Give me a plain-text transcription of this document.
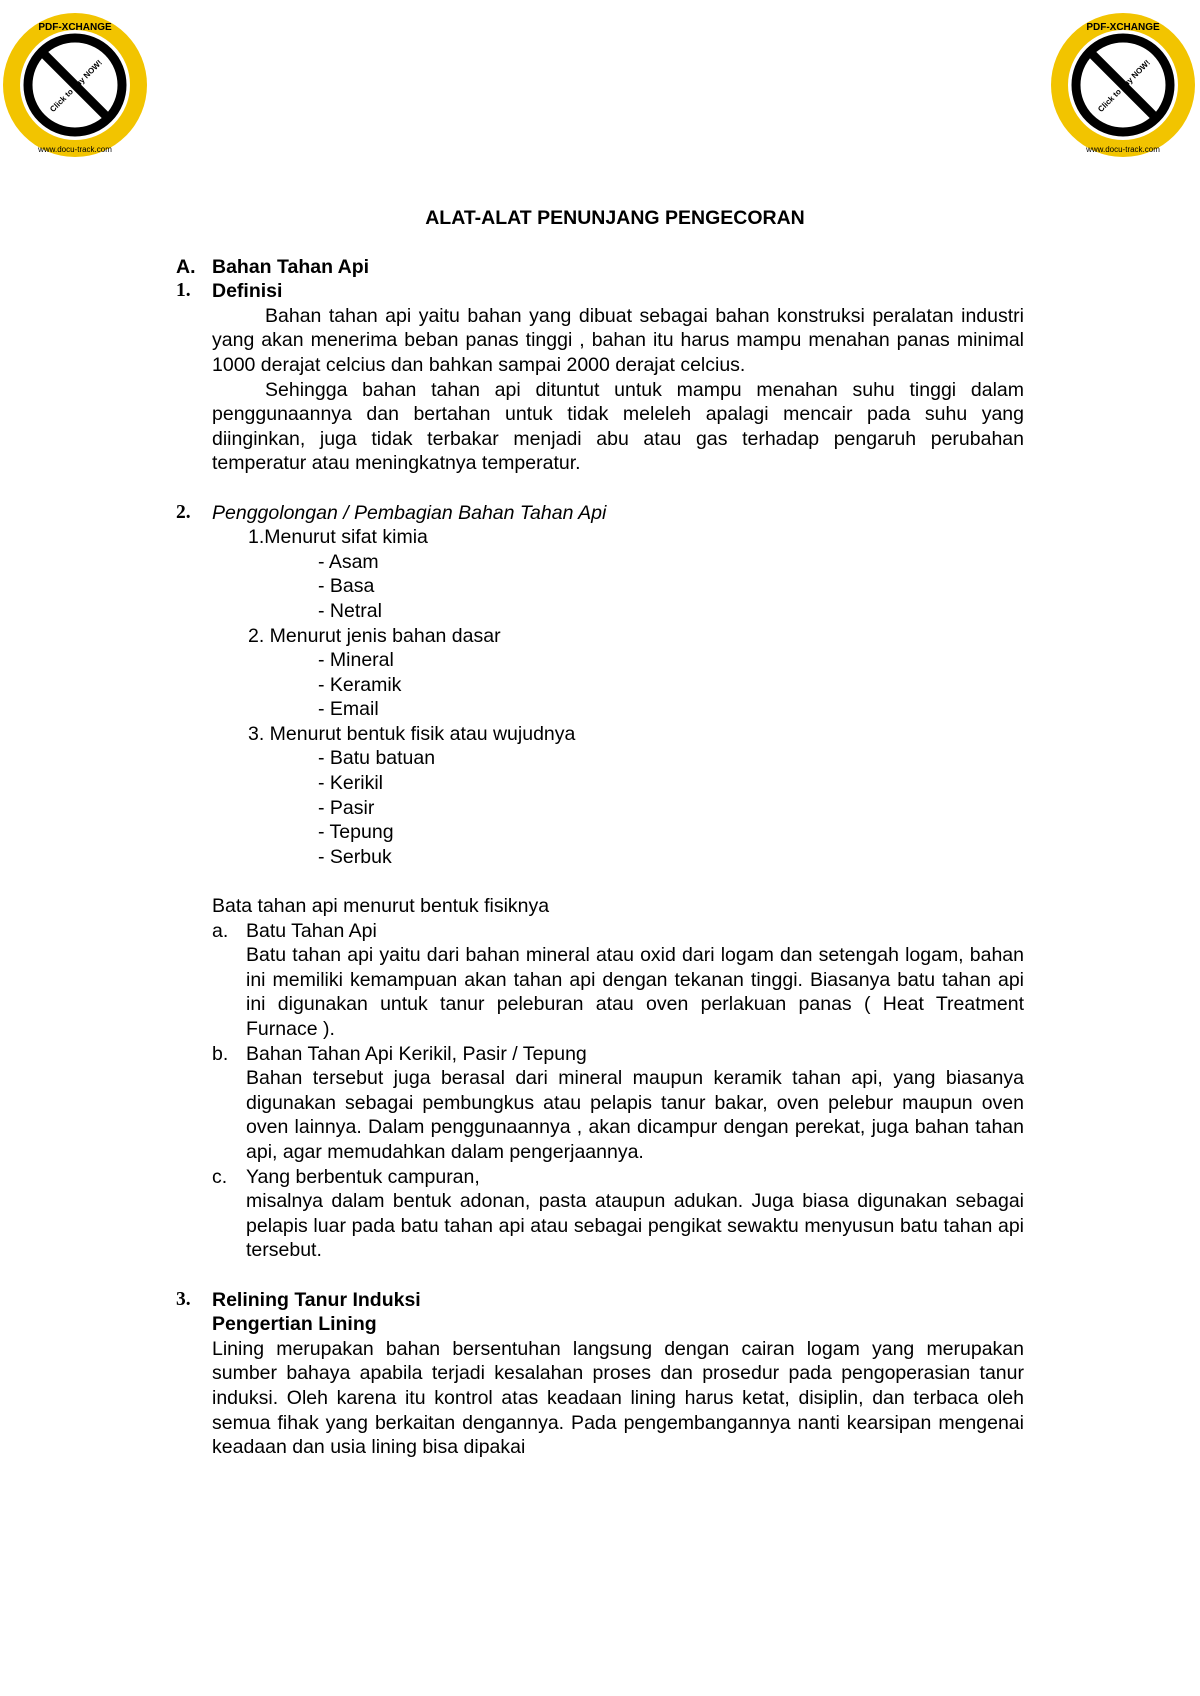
PDF-XCHANGE
www.docu-track.com
Click to buy NOW!
PDF-XCHANGE
www.docu-track.com
Click to buy NOW!
ALAT-ALAT PENUNJANG PENGECORAN
A. Bahan Tahan Api
1. Definisi
Bahan tahan api yaitu bahan yang dibuat sebagai bahan konstruksi peralatan industri yang akan menerima beban panas tinggi , bahan itu harus mampu menahan panas minimal 1000 derajat celcius dan bahkan sampai 2000 derajat celcius.
Sehingga bahan tahan api dituntut untuk mampu menahan suhu tinggi dalam penggunaannya dan bertahan untuk tidak meleleh apalagi mencair pada suhu yang diinginkan, juga tidak terbakar menjadi abu atau gas terhadap pengaruh perubahan temperatur atau meningkatnya temperatur.
2. Penggolongan / Pembagian Bahan Tahan Api
1.Menurut sifat kimia
- Asam
- Basa
- Netral
2. Menurut jenis bahan dasar
- Mineral
- Keramik
- Email
3. Menurut bentuk fisik atau wujudnya
- Batu batuan
- Kerikil
- Pasir
- Tepung
- Serbuk
Bata tahan api menurut bentuk fisiknya
a. Batu Tahan Api
Batu tahan api yaitu dari bahan mineral atau oxid dari logam dan setengah logam, bahan ini memiliki kemampuan akan tahan api dengan tekanan tinggi. Biasanya batu tahan api ini digunakan untuk tanur peleburan atau oven perlakuan panas ( Heat Treatment Furnace ).
b. Bahan Tahan Api Kerikil, Pasir / Tepung
Bahan tersebut juga berasal dari mineral maupun keramik tahan api, yang biasanya digunakan sebagai pembungkus atau pelapis tanur bakar, oven pelebur maupun oven oven lainnya. Dalam penggunaannya , akan dicampur dengan perekat, juga bahan tahan api, agar memudahkan dalam pengerjaannya.
c. Yang berbentuk campuran,
misalnya dalam bentuk adonan, pasta ataupun adukan. Juga biasa digunakan sebagai pelapis luar pada batu tahan api atau sebagai pengikat sewaktu menyusun batu tahan api tersebut.
3. Relining Tanur Induksi
Pengertian Lining
Lining merupakan bahan bersentuhan langsung dengan cairan logam yang merupakan sumber bahaya apabila terjadi kesalahan proses dan prosedur pada pengoperasian tanur induksi. Oleh karena itu kontrol atas keadaan lining harus ketat, disiplin, dan terbaca oleh semua fihak yang berkaitan dengannya. Pada pengembangannya nanti kearsipan mengenai keadaan dan usia lining bisa dipakai
